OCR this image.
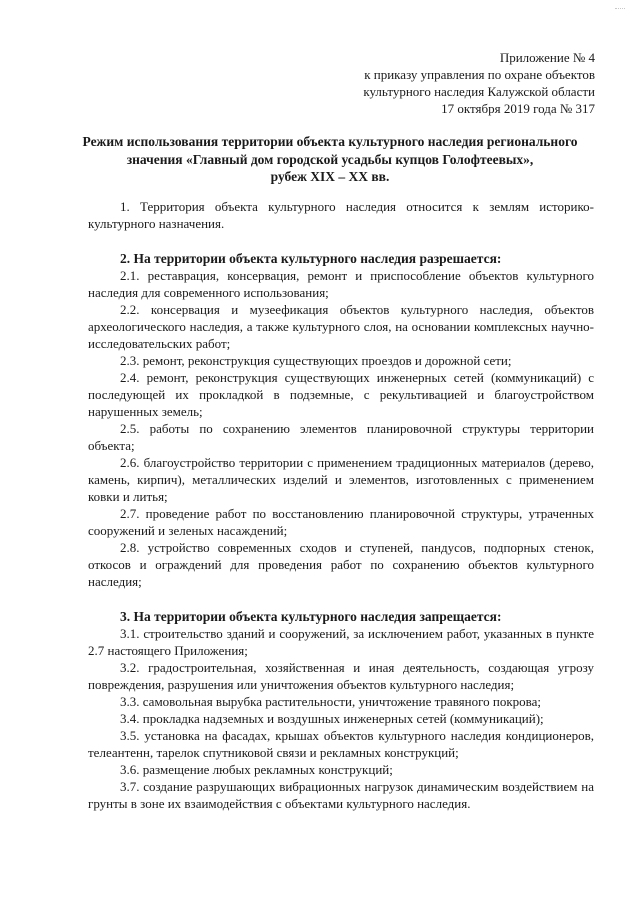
Приложение № 4
к приказу управления по охране объектов
культурного наследия Калужской области
17 октября 2019 года № 317
Режим использования территории объекта культурного наследия регионального
значения «Главный дом городской усадьбы купцов Голофтеевых»,
рубеж XIX – XX вв.

1. Территория объекта культурного наследия относится к землям историко-культурного назначения.

2. На территории объекта культурного наследия разрешается:

2.1. реставрация, консервация, ремонт и приспособление объектов культурного наследия для современного использования;

2.2. консервация и музеефикация объектов культурного наследия, объектов археологического наследия, а также культурного слоя, на основании комплексных научно-исследовательских работ;

2.3. ремонт, реконструкция существующих проездов и дорожной сети;

2.4. ремонт, реконструкция существующих инженерных сетей (коммуникаций) с последующей их прокладкой в подземные, с рекультивацией и благоустройством нарушенных земель;

2.5. работы по сохранению элементов планировочной структуры территории объекта;

2.6. благоустройство территории с применением традиционных материалов (дерево, камень, кирпич), металлических изделий и элементов, изготовленных с применением ковки и литья;

2.7. проведение работ по восстановлению планировочной структуры, утраченных сооружений и зеленых насаждений;

2.8. устройство современных сходов и ступеней, пандусов, подпорных стенок, откосов и ограждений для проведения работ по сохранению объектов культурного наследия;

3. На территории объекта культурного наследия запрещается:

3.1. строительство зданий и сооружений, за исключением работ, указанных в пункте 2.7 настоящего Приложения;

3.2. градостроительная, хозяйственная и иная деятельность, создающая угрозу повреждения, разрушения или уничтожения объектов культурного наследия;

3.3. самовольная вырубка растительности, уничтожение травяного покрова;

3.4. прокладка надземных и воздушных инженерных сетей (коммуникаций);

3.5. установка на фасадах, крышах объектов культурного наследия кондиционеров, телеантенн, тарелок спутниковой связи и рекламных конструкций;

3.6. размещение любых рекламных конструкций;

3.7. создание разрушающих вибрационных нагрузок динамическим воздействием на грунты в зоне их взаимодействия с объектами культурного наследия.
